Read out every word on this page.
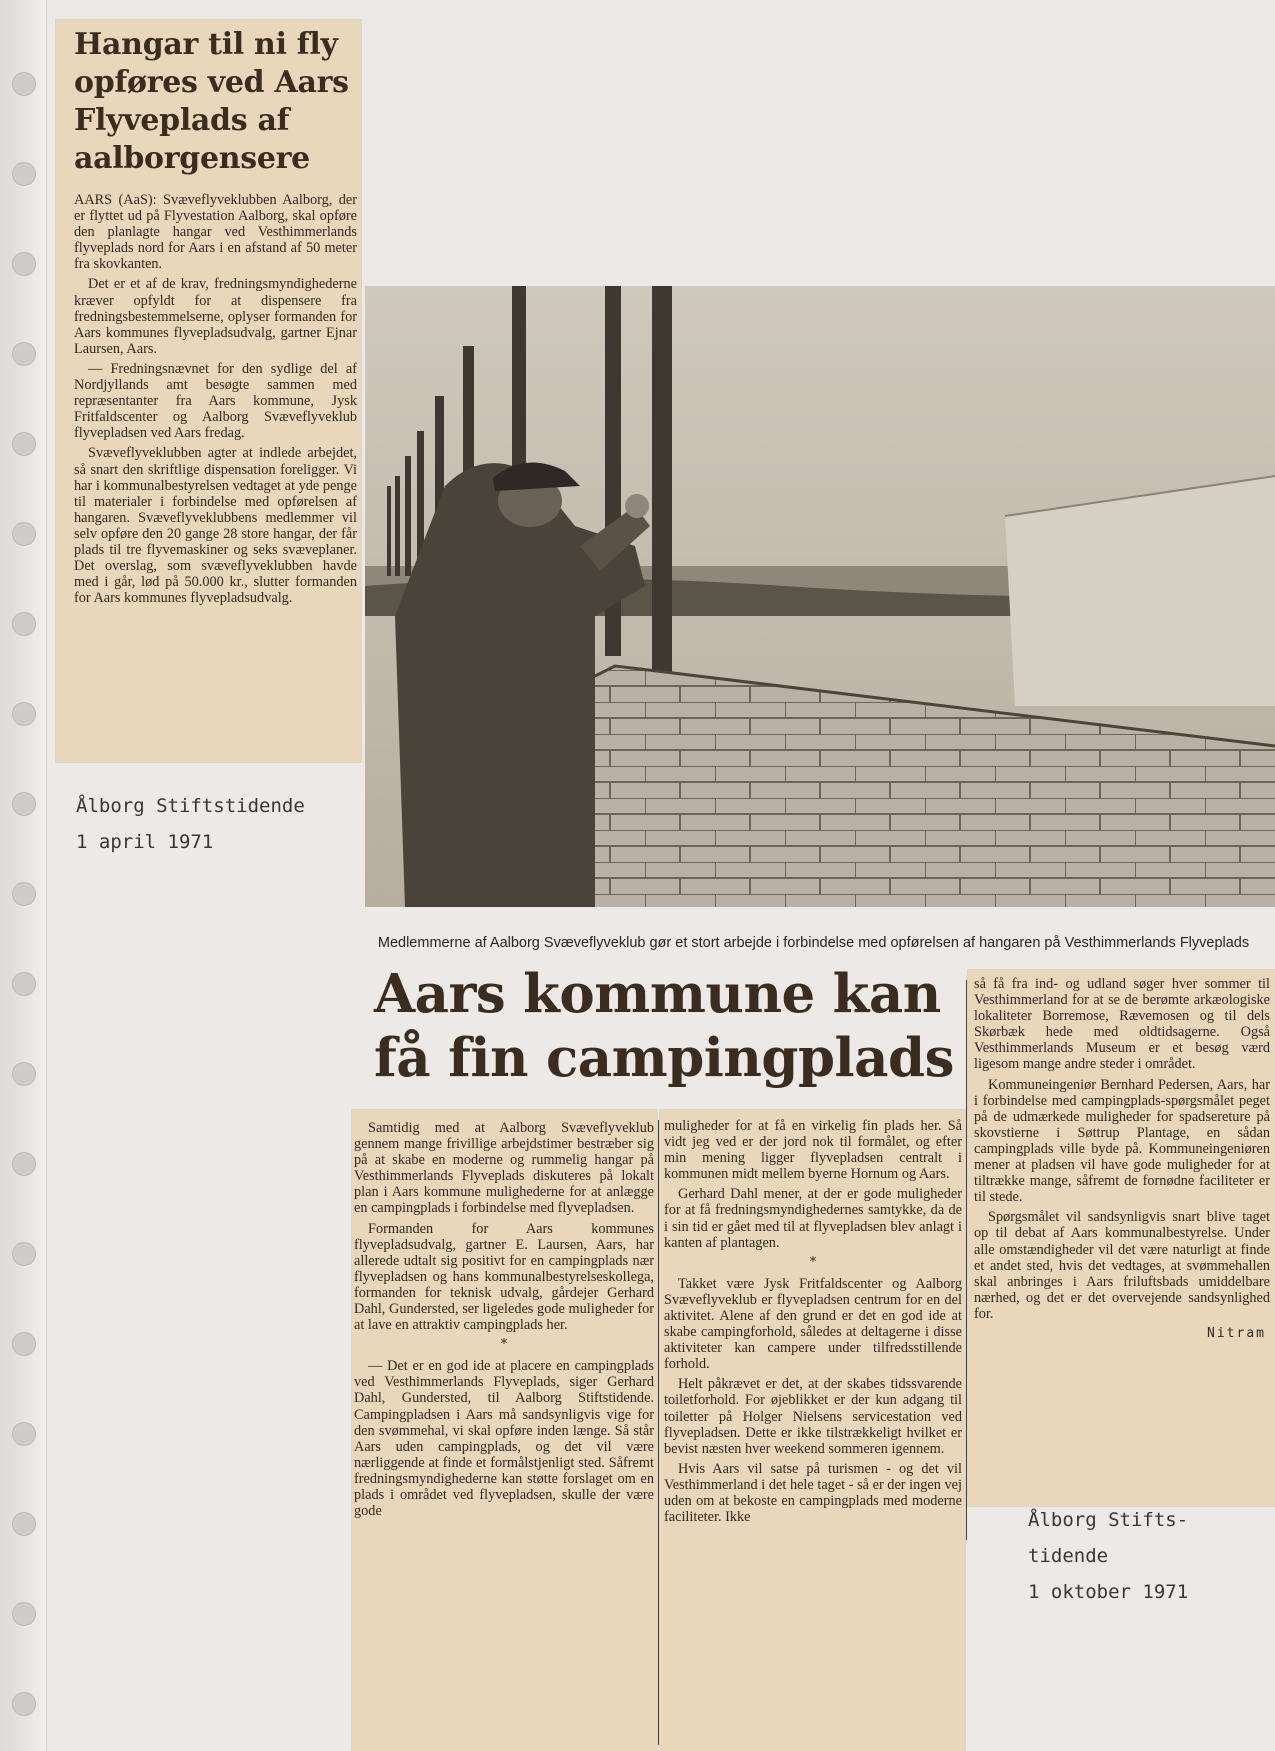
Hangar til ni fly opføres ved Aars Flyveplads af aalborgensere

AARS (AaS): Svæveflyveklubben Aalborg, der er flyttet ud på Flyvestation Aalborg, skal opføre den planlagte hangar ved Vesthimmerlands flyveplads nord for Aars i en afstand af 50 meter fra skovkanten.

Det er et af de krav, fredningsmyndighederne kræver opfyldt for at dispensere fra fredningsbestemmelserne, oplyser formanden for Aars kommunes flyvepladsudvalg, gartner Ejnar Laursen, Aars.

— Fredningsnævnet for den sydlige del af Nordjyllands amt besøgte sammen med repræsentanter fra Aars kommune, Jysk Fritfaldscenter og Aalborg Svæveflyveklub flyvepladsen ved Aars fredag.

Svæveflyveklubben agter at indlede arbejdet, så snart den skriftlige dispensation foreligger. Vi har i kommunalbestyrelsen vedtaget at yde penge til materialer i forbindelse med opførelsen af hangaren. Svæveflyveklubbens medlemmer vil selv opføre den 20 gange 28 store hangar, der får plads til tre flyvemaskiner og seks svæveplaner. Det overslag, som svæveflyveklubben havde med i går, lød på 50.000 kr., slutter formanden for Aars kommunes flyvepladsudvalg.

Ålborg Stiftstidende

1 april 1971

Medlemmerne af Aalborg Svæveflyveklub gør et stort arbejde i forbindelse med opførelsen af hangaren på Vesthimmerlands Flyveplads

Aars kommune kan
få fin campingplads

Samtidig med at Aalborg Svæveflyveklub gennem mange frivillige arbejdstimer bestræber sig på at skabe en moderne og rummelig hangar på Vesthimmerlands Flyveplads diskuteres på lokalt plan i Aars kommune mulighederne for at anlægge en campingplads i forbindelse med flyvepladsen.

Formanden for Aars kommunes flyvepladsudvalg, gartner E. Laursen, Aars, har allerede udtalt sig positivt for en campingplads nær flyvepladsen og hans kommunalbestyrelseskollega, formanden for teknisk udvalg, gårdejer Gerhard Dahl, Gundersted, ser ligeledes gode muligheder for at lave en attraktiv campingplads her.

*

— Det er en god ide at placere en campingplads ved Vesthimmerlands Flyveplads, siger Gerhard Dahl, Gundersted, til Aalborg Stiftstidende. Campingpladsen i Aars må sandsynligvis vige for den svømmehal, vi skal opføre inden længe. Så står Aars uden campingplads, og det vil være nærliggende at finde et formålstjenligt sted. Såfremt fredningsmyndighederne kan støtte forslaget om en plads i området ved flyvepladsen, skulle der være gode

muligheder for at få en virkelig fin plads her. Så vidt jeg ved er der jord nok til formålet, og efter min mening ligger flyvepladsen centralt i kommunen midt mellem byerne Hornum og Aars.

Gerhard Dahl mener, at der er gode muligheder for at få fredningsmyndighedernes samtykke, da de i sin tid er gået med til at flyvepladsen blev anlagt i kanten af plantagen.

*

Takket være Jysk Fritfaldscenter og Aalborg Svæveflyveklub er flyvepladsen centrum for en del aktivitet. Alene af den grund er det en god ide at skabe campingforhold, således at deltagerne i disse aktiviteter kan campere under tilfredsstillende forhold.

Helt påkrævet er det, at der skabes tidssvarende toiletforhold. For øjeblikket er der kun adgang til toiletter på Holger Nielsens servicestation ved flyvepladsen. Dette er ikke tilstrækkeligt hvilket er bevist næsten hver weekend sommeren igennem.

Hvis Aars vil satse på turismen - og det vil Vesthimmerland i det hele taget - så er der ingen vej uden om at bekoste en campingplads med moderne faciliteter. Ikke

så få fra ind- og udland søger hver sommer til Vesthimmerland for at se de berømte arkæologiske lokaliteter Borremose, Rævemosen og til dels Skørbæk hede med oldtidsagerne. Også Vesthimmerlands Museum er et besøg værd ligesom mange andre steder i området.

Kommuneingeniør Bernhard Pedersen, Aars, har i forbindelse med campingplads-spørgsmålet peget på de udmærkede muligheder for spadsereture på skovstierne i Søttrup Plantage, en sådan campingplads ville byde på. Kommuneingeniøren mener at pladsen vil have gode muligheder for at tiltrække mange, såfremt de fornødne faciliteter er til stede.

Spørgsmålet vil sandsynligvis snart blive taget op til debat af Aars kommunalbestyrelse. Under alle omstændigheder vil det være naturligt at finde et andet sted, hvis det vedtages, at svømmehallen skal anbringes i Aars friluftsbads umiddelbare nærhed, og det er det overvejende sandsynlighed for.

Nitram

Ålborg Stifts-

tidende

1 oktober 1971
